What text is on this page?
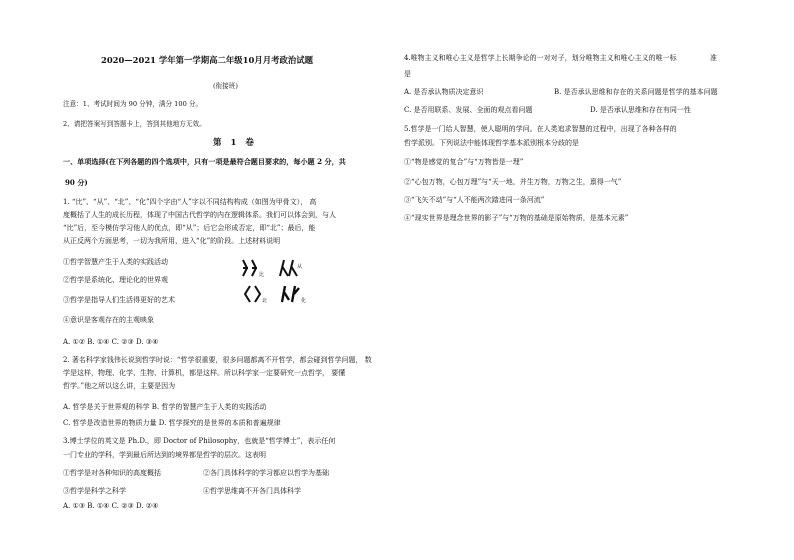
2020—2021 学年第一学期高二年级10月月考政治试题
(衔接班)
注意：1、考试时间为 90 分钟，满分 100 分。
2、请把答案写到答题卡上，答到其他地方无效。
第 1 卷
一、单项选择(在下列各题的四个选项中，只有一项是最符合题目要求的，每小题 2 分，共
90 分)
1. “比”、“从”、“北”、“化”四个字由“人”字以不同结构构成（如图为甲骨文）， 高
度概括了人生的成长历程，体现了中国古代哲学的内在逻辑体系。我们可以体会到，与人
“比”后，至今模仿学习他人的优点，即“从”；后它会形成否定，即“北”；最后，能
从正反两个方面思考，一切为我所用，进入“化”的阶段。上述材料说明
①哲学智慧产生于人类的实践活动
②哲学是系统化、理论化的世界观
③哲学是指导人们生活得更好的艺术
④意识是客观存在的主观映象
A. ①② B. ①④ C. ②③ D. ③④
2. 著名科学家钱伟长说到哲学时说：“哲学很重要，很多问题都离不开哲学，都会碰到哲学问题， 数
学是这样，物理、化学、生物、计算机，都是这样。所以科学家一定要研究一点哲学， 要懂
哲学。”他之所以这么讲，主要是因为
A. 哲学是关于世界观的科学 B. 哲学的智慧产生于人类的实践活动
C. 哲学是改造世界的物质力量 D. 哲学探究的是世界的本质和普遍规律
3.博士学位的英文是 Ph.D.，即 Doctor of Philosophy，也就是“哲学博士”，表示任何
一门专业的学科，学到最后所达到的境界都是哲学的层次。这表明
①哲学是对各种知识的高度概括	②各门具体科学的学习都应以哲学为基础
③哲学是科学之科学	④哲学思维离不开各门具体科学
A. ①③ B. ①④ C. ②③ D. ②④
比
从
北	化
4.唯物主义和唯心主义是哲学上长期争论的一对对子，划分唯物主义和唯心主义的唯一标	准
是
A. 是否承认物质决定意识	B. 是否承认思维和存在的关系问题是哲学的基本问题
C. 是否用联系、发展、全面的观点看问题	D. 是否承认思维和存在有同一性
5.哲学是一门给人智慧，使人聪明的学问。在人类追求智慧的过程中，出现了各种各样的
哲学派别。下列说法中能体现哲学基本派别根本分歧的是
①“物是感觉的复合”与“万物皆是一理”
②“心包万物，心包万理”与“天一地，并生万物，万物之生，禀得一气”
③“飞矢不动”与“人不能两次踏进同一条河流”
④“现实世界是理念世界的影子”与“万物的基础是原始物质，是基本元素”
